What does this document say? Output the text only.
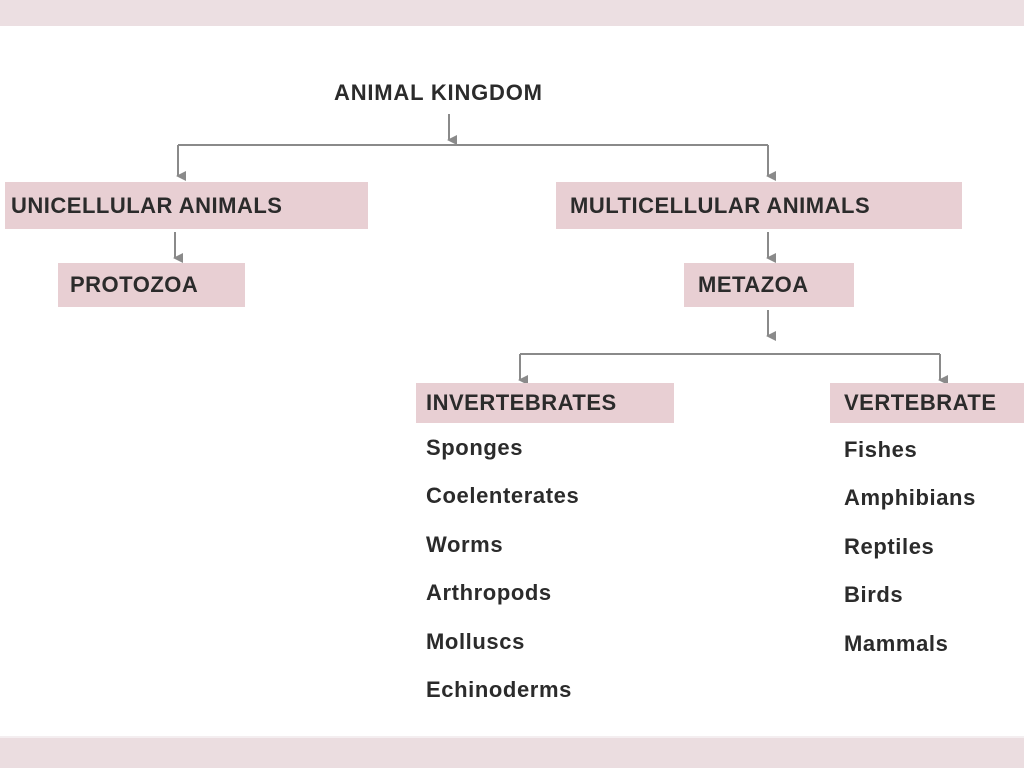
ANIMAL KINGDOM
UNICELLULAR ANIMALS	MULTICELLULAR ANIMALS
PROTOZOA	METAZOA
INVERTEBRATES	VERTEBRATE
Sponges
Coelenterates
Worms
Arthropods
Molluscs
Echinoderms
Fishes
Amphibians
Reptiles
Birds
Mammals
